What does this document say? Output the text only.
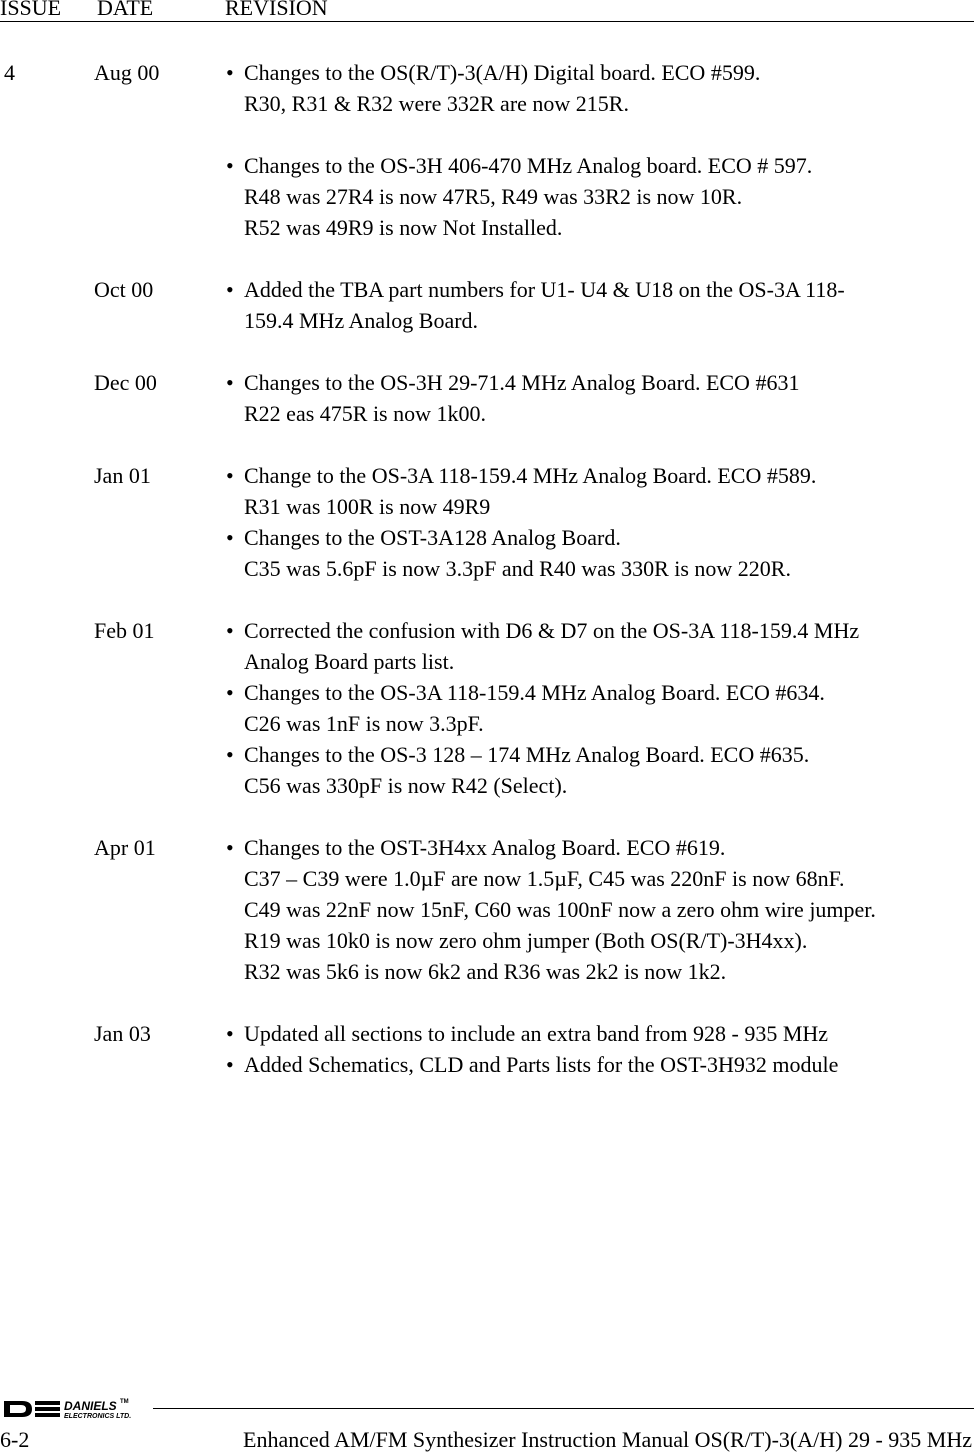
ISSUE DATE	REVISION
4	Aug 00	• Changes to the OS(R/T)-3(A/H) Digital board. ECO #599.
R30, R31 & R32 were 332R are now 215R.
• Changes to the OS-3H 406-470 MHz Analog board. ECO # 597.
R48 was 27R4 is now 47R5, R49 was 33R2 is now 10R.
R52 was 49R9 is now Not Installed.
Oct 00	• Added the TBA part numbers for U1- U4 & U18 on the OS-3A 118-
159.4 MHz Analog Board.
Dec 00	• Changes to the OS-3H 29-71.4 MHz Analog Board. ECO #631
R22 eas 475R is now 1k00.
Jan 01	• Change to the OS-3A 118-159.4 MHz Analog Board. ECO #589.
R31 was 100R is now 49R9
• Changes to the OST-3A128 Analog Board.
C35 was 5.6pF is now 3.3pF and R40 was 330R is now 220R.
Feb 01	• Corrected the confusion with D6 & D7 on the OS-3A 118-159.4 MHz
Analog Board parts list.
• Changes to the OS-3A 118-159.4 MHz Analog Board. ECO #634.
C26 was 1nF is now 3.3pF.
• Changes to the OS-3 128 – 174 MHz Analog Board. ECO #635.
C56 was 330pF is now R42 (Select).
Apr 01	• Changes to the OST-3H4xx Analog Board. ECO #619.
C37 – C39 were 1.0µF are now 1.5µF, C45 was 220nF is now 68nF.
C49 was 22nF now 15nF, C60 was 100nF now a zero ohm wire jumper.
R19 was 10k0 is now zero ohm jumper (Both OS(R/T)-3H4xx).
R32 was 5k6 is now 6k2 and R36 was 2k2 is now 1k2.
Jan 03	• Updated all sections to include an extra band from 928 - 935 MHz
• Added Schematics, CLD and Parts lists for the OST-3H932 module
DANIELS TM
ELECTRONICS LTD.
6-2	Enhanced AM/FM Synthesizer Instruction Manual OS(R/T)-3(A/H) 29 - 935 MHz
